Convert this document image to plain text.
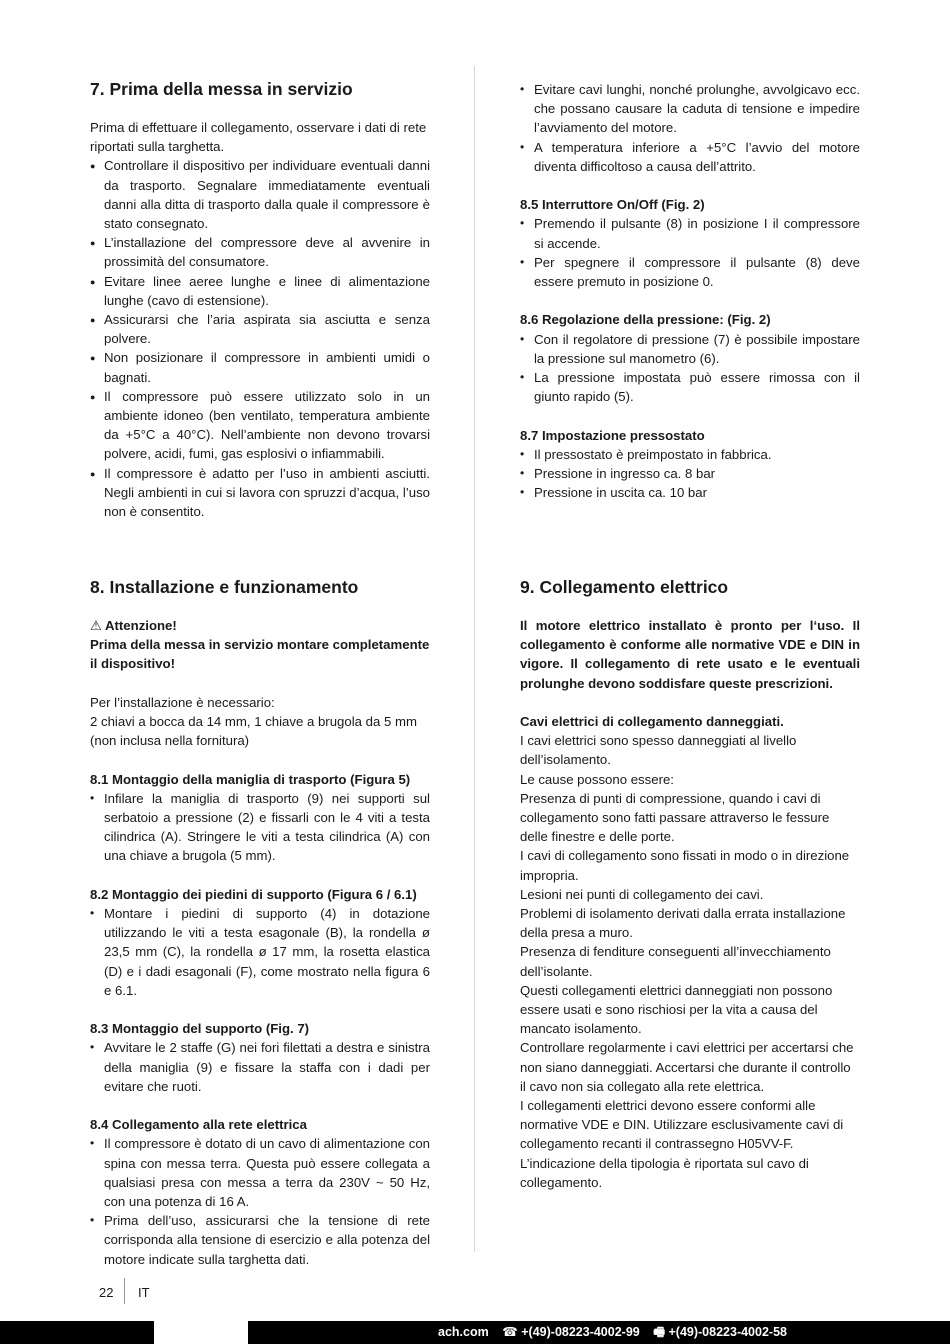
7. Prima della messa in servizio

Prima di effettuare il collegamento, osservare i dati di rete riportati sulla targhetta.

● Controllare il dispositivo per individuare eventuali danni da trasporto. Segnalare immediatamente eventuali danni alla ditta di trasporto dalla quale il compressore è stato consegnato.
● L’installazione del compressore deve al avvenire in prossimità del consumatore.
● Evitare linee aeree lunghe e linee di alimentazione lunghe (cavo di estensione).
● Assicurarsi che l’aria aspirata sia asciutta e senza polvere.
● Non posizionare il compressore in ambienti umidi o bagnati.
● Il compressore può essere utilizzato solo in un ambiente idoneo (ben ventilato, temperatura ambiente da +5°C a 40°C). Nell’ambiente non devono trovarsi polvere, acidi, fumi, gas esplosivi o infiammabili.
● Il compressore è adatto per l’uso in ambienti asciutti. Negli ambienti in cui si lavora con spruzzi d’acqua, l’uso non è consentito.
• Evitare cavi lunghi, nonché prolunghe, avvolgicavo ecc. che possano causare la caduta di tensione e impedire l’avviamento del motore.
• A temperatura inferiore a +5°C l’avvio del motore diventa difficoltoso a causa dell’attrito.

8.5 Interruttore On/Off (Fig. 2)

• Premendo il pulsante (8) in posizione I il compressore si accende.
• Per spegnere il compressore il pulsante (8) deve essere premuto in posizione 0.

8.6 Regolazione della pressione: (Fig. 2)

• Con il regolatore di pressione (7) è possibile impostare la pressione sul manometro (6).
• La pressione impostata può essere rimossa con il giunto rapido (5).

8.7 Impostazione pressostato

• Il pressostato è preimpostato in fabbrica.
• Pressione in ingresso ca. 8 bar
• Pressione in uscita ca. 10 bar
8. Installazione e funzionamento

⚠ Attenzione!

Prima della messa in servizio montare completamente il dispositivo!

Per l’installazione è necessario:

2 chiavi a bocca da 14 mm, 1 chiave a brugola da 5 mm (non inclusa nella fornitura)

8.1 Montaggio della maniglia di trasporto (Figura 5)

• Infilare la maniglia di trasporto (9) nei supporti sul serbatoio a pressione (2) e fissarli con le 4 viti a testa cilindrica (A). Stringere le viti a testa cilindrica (A) con una chiave a brugola (5 mm).

8.2 Montaggio dei piedini di supporto (Figura 6 / 6.1)

• Montare i piedini di supporto (4) in dotazione utilizzando le viti a testa esagonale (B), la rondella ø 23,5 mm (C), la rondella ø 17 mm, la rosetta elastica (D) e i dadi esagonali (F), come mostrato nella figura 6 e 6.1.

8.3 Montaggio del supporto (Fig. 7)

• Avvitare le 2 staffe (G) nei fori filettati a destra e sinistra della maniglia (9) e fissare la staffa con i dadi per evitare che ruoti.

8.4 Collegamento alla rete elettrica

• Il compressore è dotato di un cavo di alimentazione con spina con messa terra. Questa può essere collegata a qualsiasi presa con messa a terra da 230V ~ 50 Hz, con una potenza di 16 A.
• Prima dell’uso, assicurarsi che la tensione di rete corrisponda alla tensione di esercizio e alla potenza del motore indicate sulla targhetta dati.
9. Collegamento elettrico

Il motore elettrico installato è pronto per l‘uso. Il collegamento è conforme alle normative VDE e DIN in vigore. Il collegamento di rete usato e le eventuali prolunghe devono soddisfare queste prescrizioni.

Cavi elettrici di collegamento danneggiati.

I cavi elettrici sono spesso danneggiati al livello dell’isolamento.

Le cause possono essere:

Presenza di punti di compressione, quando i cavi di collegamento sono fatti passare attraverso le fessure delle finestre e delle porte.

I cavi di collegamento sono fissati in modo o in direzione impropria.

Lesioni nei punti di collegamento dei cavi.

Problemi di isolamento derivati dalla errata installazione della presa a muro.

Presenza di fenditure conseguenti all’invecchiamento dell’isolante.

Questi collegamenti elettrici danneggiati non possono essere usati e sono rischiosi per la vita a causa del mancato isolamento.

Controllare regolarmente i cavi elettrici per accertarsi che non siano danneggiati. Accertarsi che durante il controllo il cavo non sia collegato alla rete elettrica.

I collegamenti elettrici devono essere conformi alle normative VDE e DIN. Utilizzare esclusivamente cavi di collegamento recanti il contrassegno H05VV-F.

L’indicazione della tipologia è riportata sul cavo di collegamento.

22 IT
ach.com ☎ +(49)-08223-4002-99 🖷 +(49)-08223-4002-58
